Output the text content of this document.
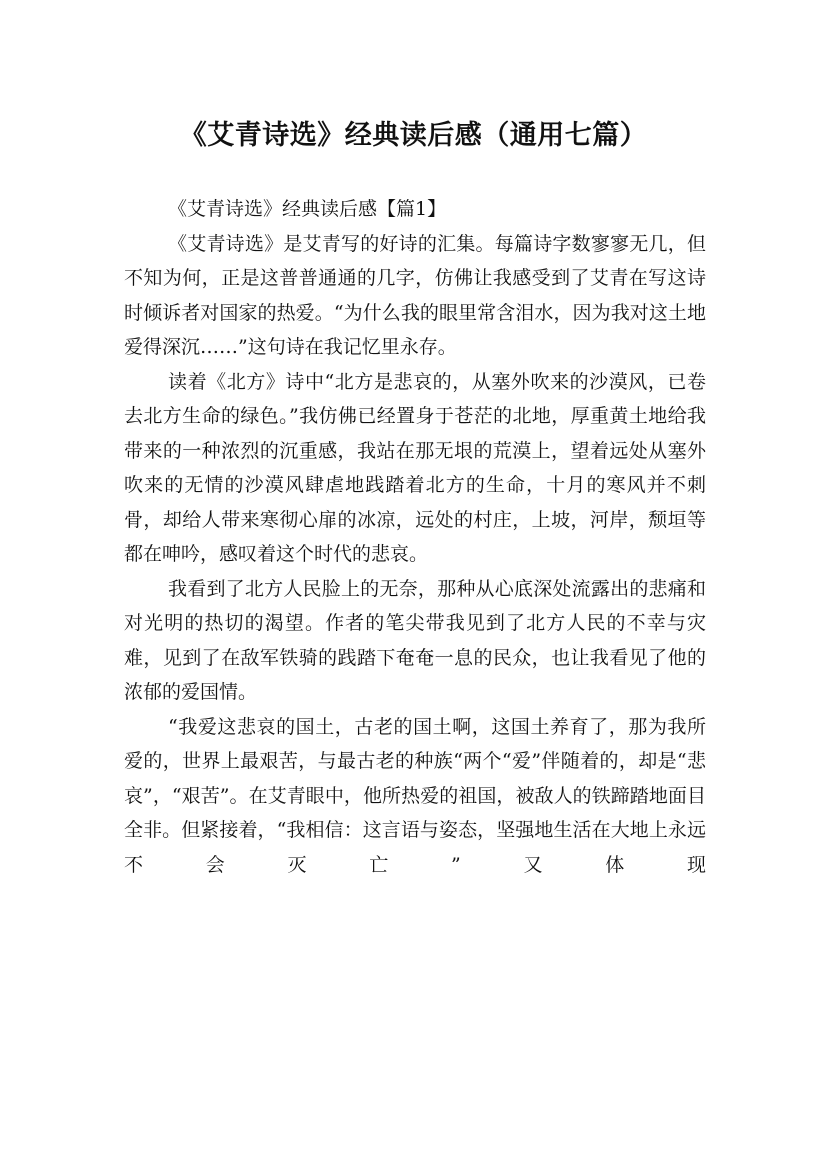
《艾青诗选》经典读后感（通用七篇）

《艾青诗选》经典读后感【篇1】

《艾青诗选》是艾青写的好诗的汇集。每篇诗字数寥寥无几，但不知为何，正是这普普通通的几字，仿佛让我感受到了艾青在写这诗时倾诉者对国家的热爱。“为什么我的眼里常含泪水，因为我对这土地爱得深沉……”这句诗在我记忆里永存。

读着《北方》诗中“北方是悲哀的，从塞外吹来的沙漠风，已卷去北方生命的绿色。”我仿佛已经置身于苍茫的北地，厚重黄土地给我带来的一种浓烈的沉重感，我站在那无垠的荒漠上，望着远处从塞外吹来的无情的沙漠风肆虐地践踏着北方的生命，十月的寒风并不刺骨，却给人带来寒彻心扉的冰凉，远处的村庄，上坡，河岸，颓垣等都在呻吟，感叹着这个时代的悲哀。

我看到了北方人民脸上的无奈，那种从心底深处流露出的悲痛和对光明的热切的渴望。作者的笔尖带我见到了北方人民的不幸与灾难，见到了在敌军铁骑的践踏下奄奄一息的民众，也让我看见了他的浓郁的爱国情。

“我爱这悲哀的国土，古老的国土啊，这国土养育了，那为我所爱的，世界上最艰苦，与最古老的种族“两个“爱”伴随着的，却是“悲哀”，“艰苦”。在艾青眼中，他所热爱的祖国，被敌人的铁蹄踏地面目全非。但紧接着，“我相信：这言语与姿态，坚强地生活在大地上永远不会灭亡”又体现
